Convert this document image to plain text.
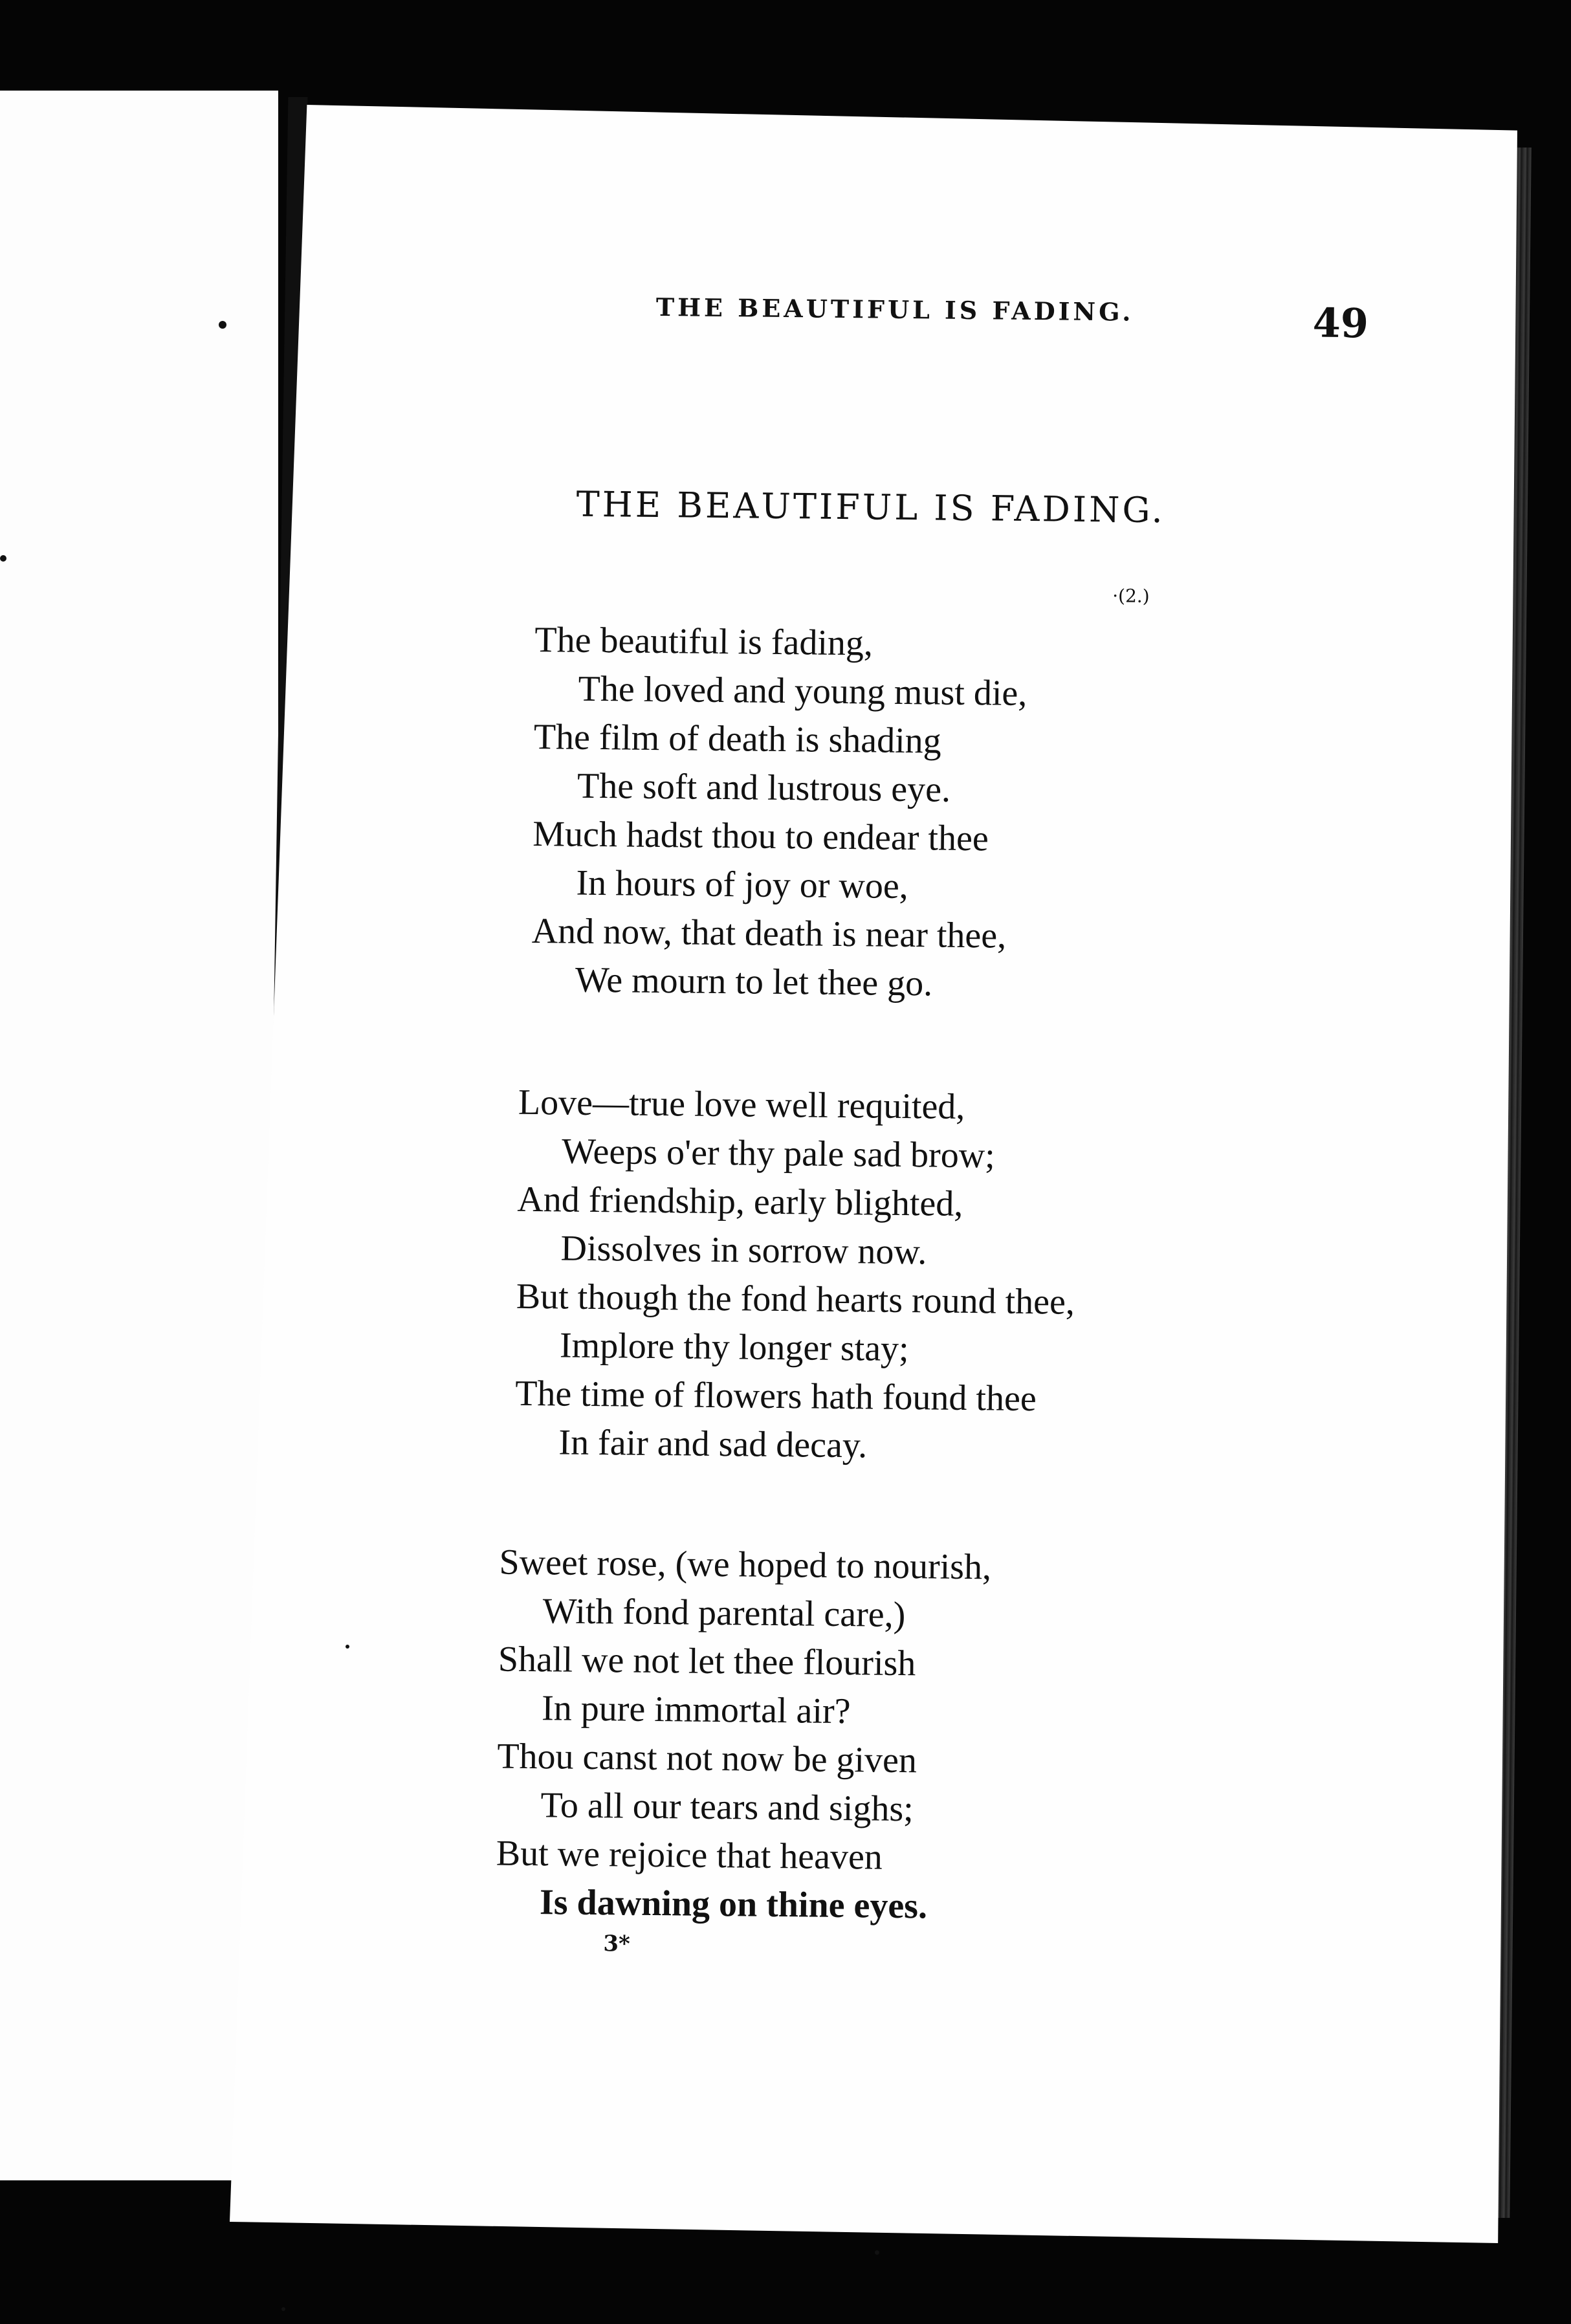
THE BEAUTIFUL IS FADING.	49
THE BEAUTIFUL IS FADING.
·(2.)
The beautiful is fading,
The loved and young must die,
The film of death is shading
The soft and lustrous eye.
Much hadst thou to endear thee
In hours of joy or woe,
And now, that death is near thee,
We mourn to let thee go.
Love—true love well requited,
Weeps o'er thy pale sad brow;
And friendship, early blighted,
Dissolves in sorrow now.
But though the fond hearts round thee,
Implore thy longer stay;
The time of flowers hath found thee
In fair and sad decay.
Sweet rose, (we hoped to nourish,
With fond parental care,)
Shall we not let thee flourish
In pure immortal air?
Thou canst not now be given
To all our tears and sighs;
But we rejoice that heaven
Is dawning on thine eyes.
3*
